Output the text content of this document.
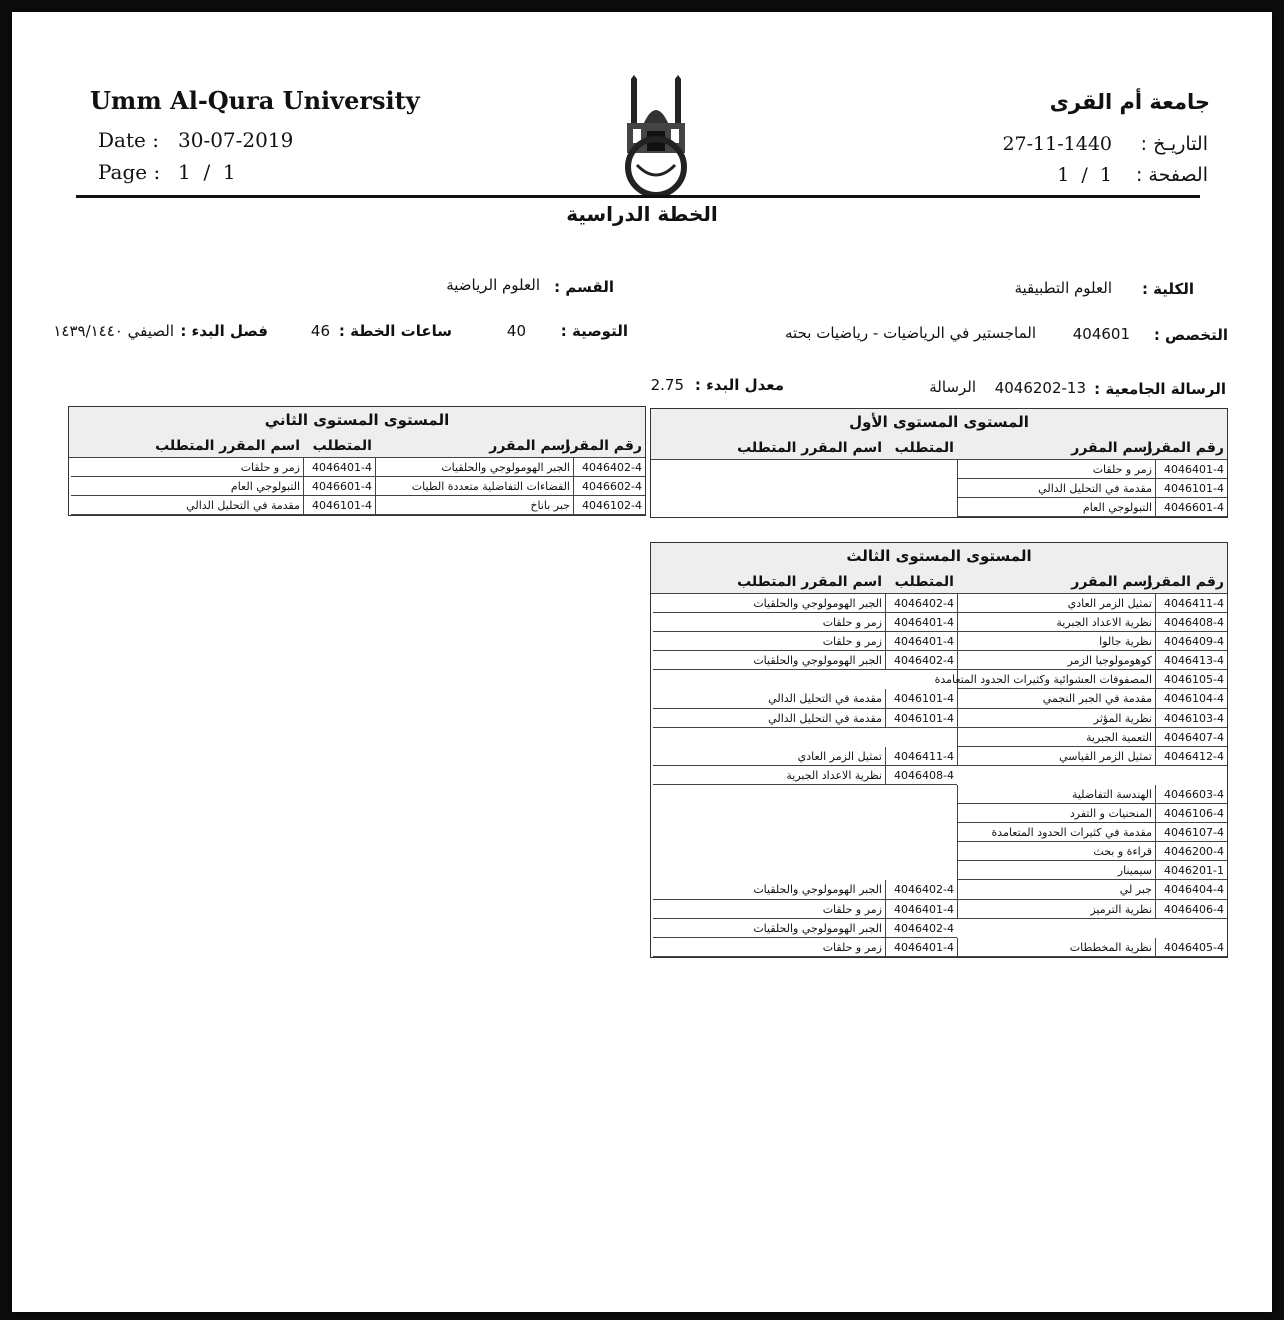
Umm Al-Qura University
Date : 30-07-2019
Page : 1  /  1
جامعة أم القرى
التاريـخ :
27-11-1440
الصفحة :
1  /  1
الخطة الدراسية
الكلية :
العلوم التطبيقية
القسم :
العلوم الرياضية
التخصص :
404601
الماجستير في الرياضيات - رياضيات بحته
التوصية :
40
ساعات الخطة :
46
فصل البدء :
الصيفي ١٤٣٩/١٤٤٠
الرسالة الجامعية :
4046202-13
الرسالة
معدل البدء :
2.75
المستوى المستوى الأول
رقم المقرر
اسم المقرر
المتطلب
اسم المقرر المتطلب
4046401-4
زمر و حلقات
4046101-4
مقدمة في التحليل الدالي
4046601-4
التبولوجي العام
المستوى المستوى الثاني
رقم المقرر
اسم المقرر
المتطلب
اسم المقرر المتطلب
4046402-4
الجبر الهومولوجي والحلقيات
4046401-4
زمر و حلقات
4046602-4
الفضاءات التفاضلية متعددة الطيات
4046601-4
التبولوجي العام
4046102-4
جبر باناخ
4046101-4
مقدمة في التحليل الدالي
المستوى المستوى الثالث
رقم المقرر
اسم المقرر
المتطلب
اسم المقرر المتطلب
4046411-4
تمثيل الزمر العادي
4046402-4
الجبر الهومولوجي والحلقيات
4046408-4
نظرية الاعداد الجبرية
4046401-4
زمر و حلقات
4046409-4
نظرية جالوا
4046401-4
زمر و حلقات
4046413-4
كوهومولوجيا الزمر
4046402-4
الجبر الهومولوجي والحلقيات
4046105-4
المصفوفات العشوائية وكثيرات الحدود المتعامدة
4046104-4
مقدمة في الجبر النجمي
4046101-4
مقدمة في التحليل الدالي
4046103-4
نظرية المؤثر
4046101-4
مقدمة في التحليل الدالي
4046407-4
التعمية الجبرية
4046412-4
تمثيل الزمر القياسي
4046411-4
تمثيل الزمر العادي
4046408-4
نظرية الاعداد الجبرية
4046603-4
الهندسة التفاضلية
4046106-4
المنحنيات و التفرد
4046107-4
مقدمة في كثيرات الحدود المتعامدة
4046200-4
قراءة و بحث
4046201-1
سيمينار
4046404-4
جبر لي
4046402-4
الجبر الهومولوجي والحلقيات
4046406-4
نظرية الترميز
4046401-4
زمر و حلقات
4046402-4
الجبر الهومولوجي والحلقيات
4046405-4
نظرية المخططات
4046401-4
زمر و حلقات
